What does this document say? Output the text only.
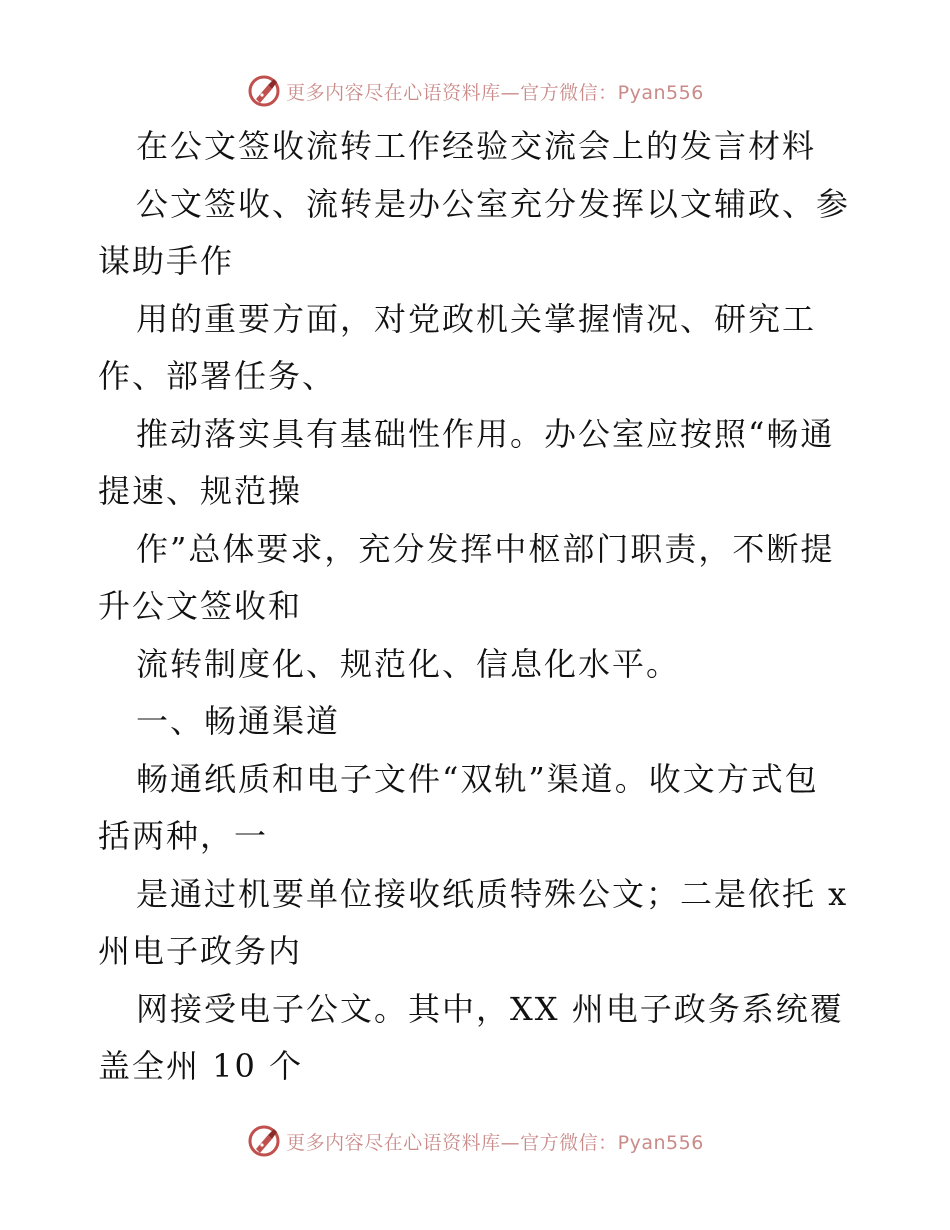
更多内容尽在心语资料库—官方微信：Pyan556
在公文签收流转工作经验交流会上的发言材料
公文签收、流转是办公室充分发挥以文辅政、参
谋助手作
用的重要方面，对党政机关掌握情况、研究工
作、部署任务、
推动落实具有基础性作用。办公室应按照“畅通
提速、规范操
作”总体要求，充分发挥中枢部门职责，不断提
升公文签收和
流转制度化、规范化、信息化水平。
一、畅通渠道
畅通纸质和电子文件“双轨”渠道。收文方式包
括两种，一
是通过机要单位接收纸质特殊公文；二是依托 x
州电子政务内
网接受电子公文。其中，XX 州电子政务系统覆
盖全州 10 个
更多内容尽在心语资料库—官方微信：Pyan556
